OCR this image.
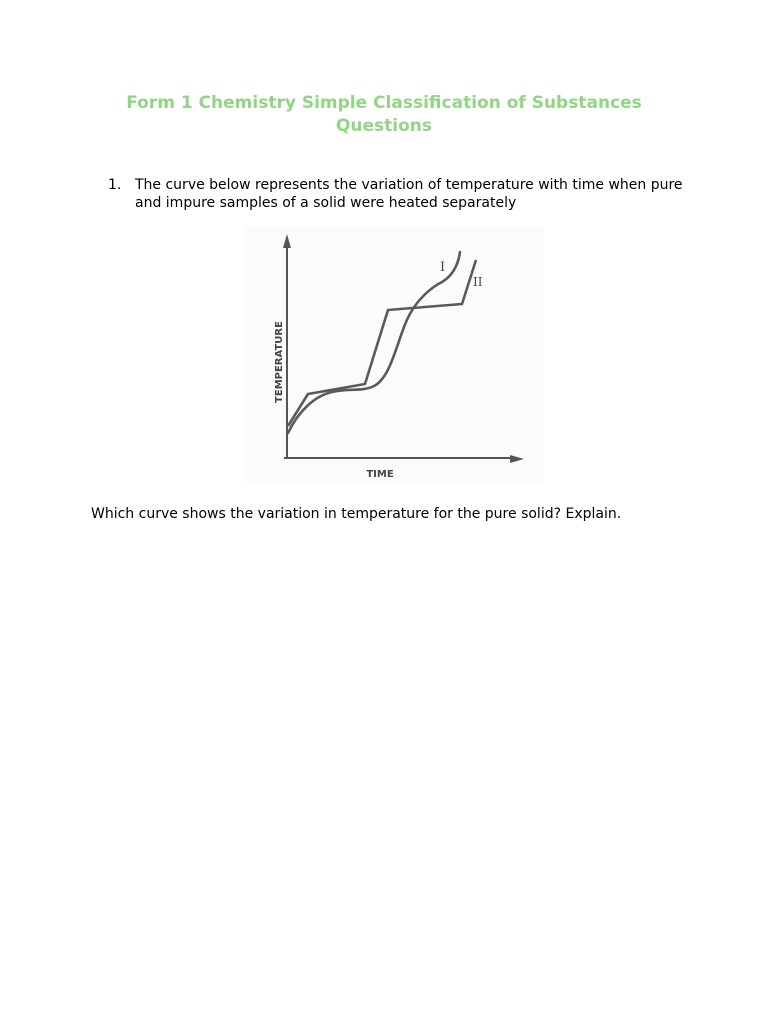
Form 1 Chemistry Simple Classification of Substances Questions
1. The curve below represents the variation of temperature with time when pure and impure samples of a solid were heated separately
I
II
TEMPERATURE
TIME
Which curve shows the variation in temperature for the pure solid? Explain.
